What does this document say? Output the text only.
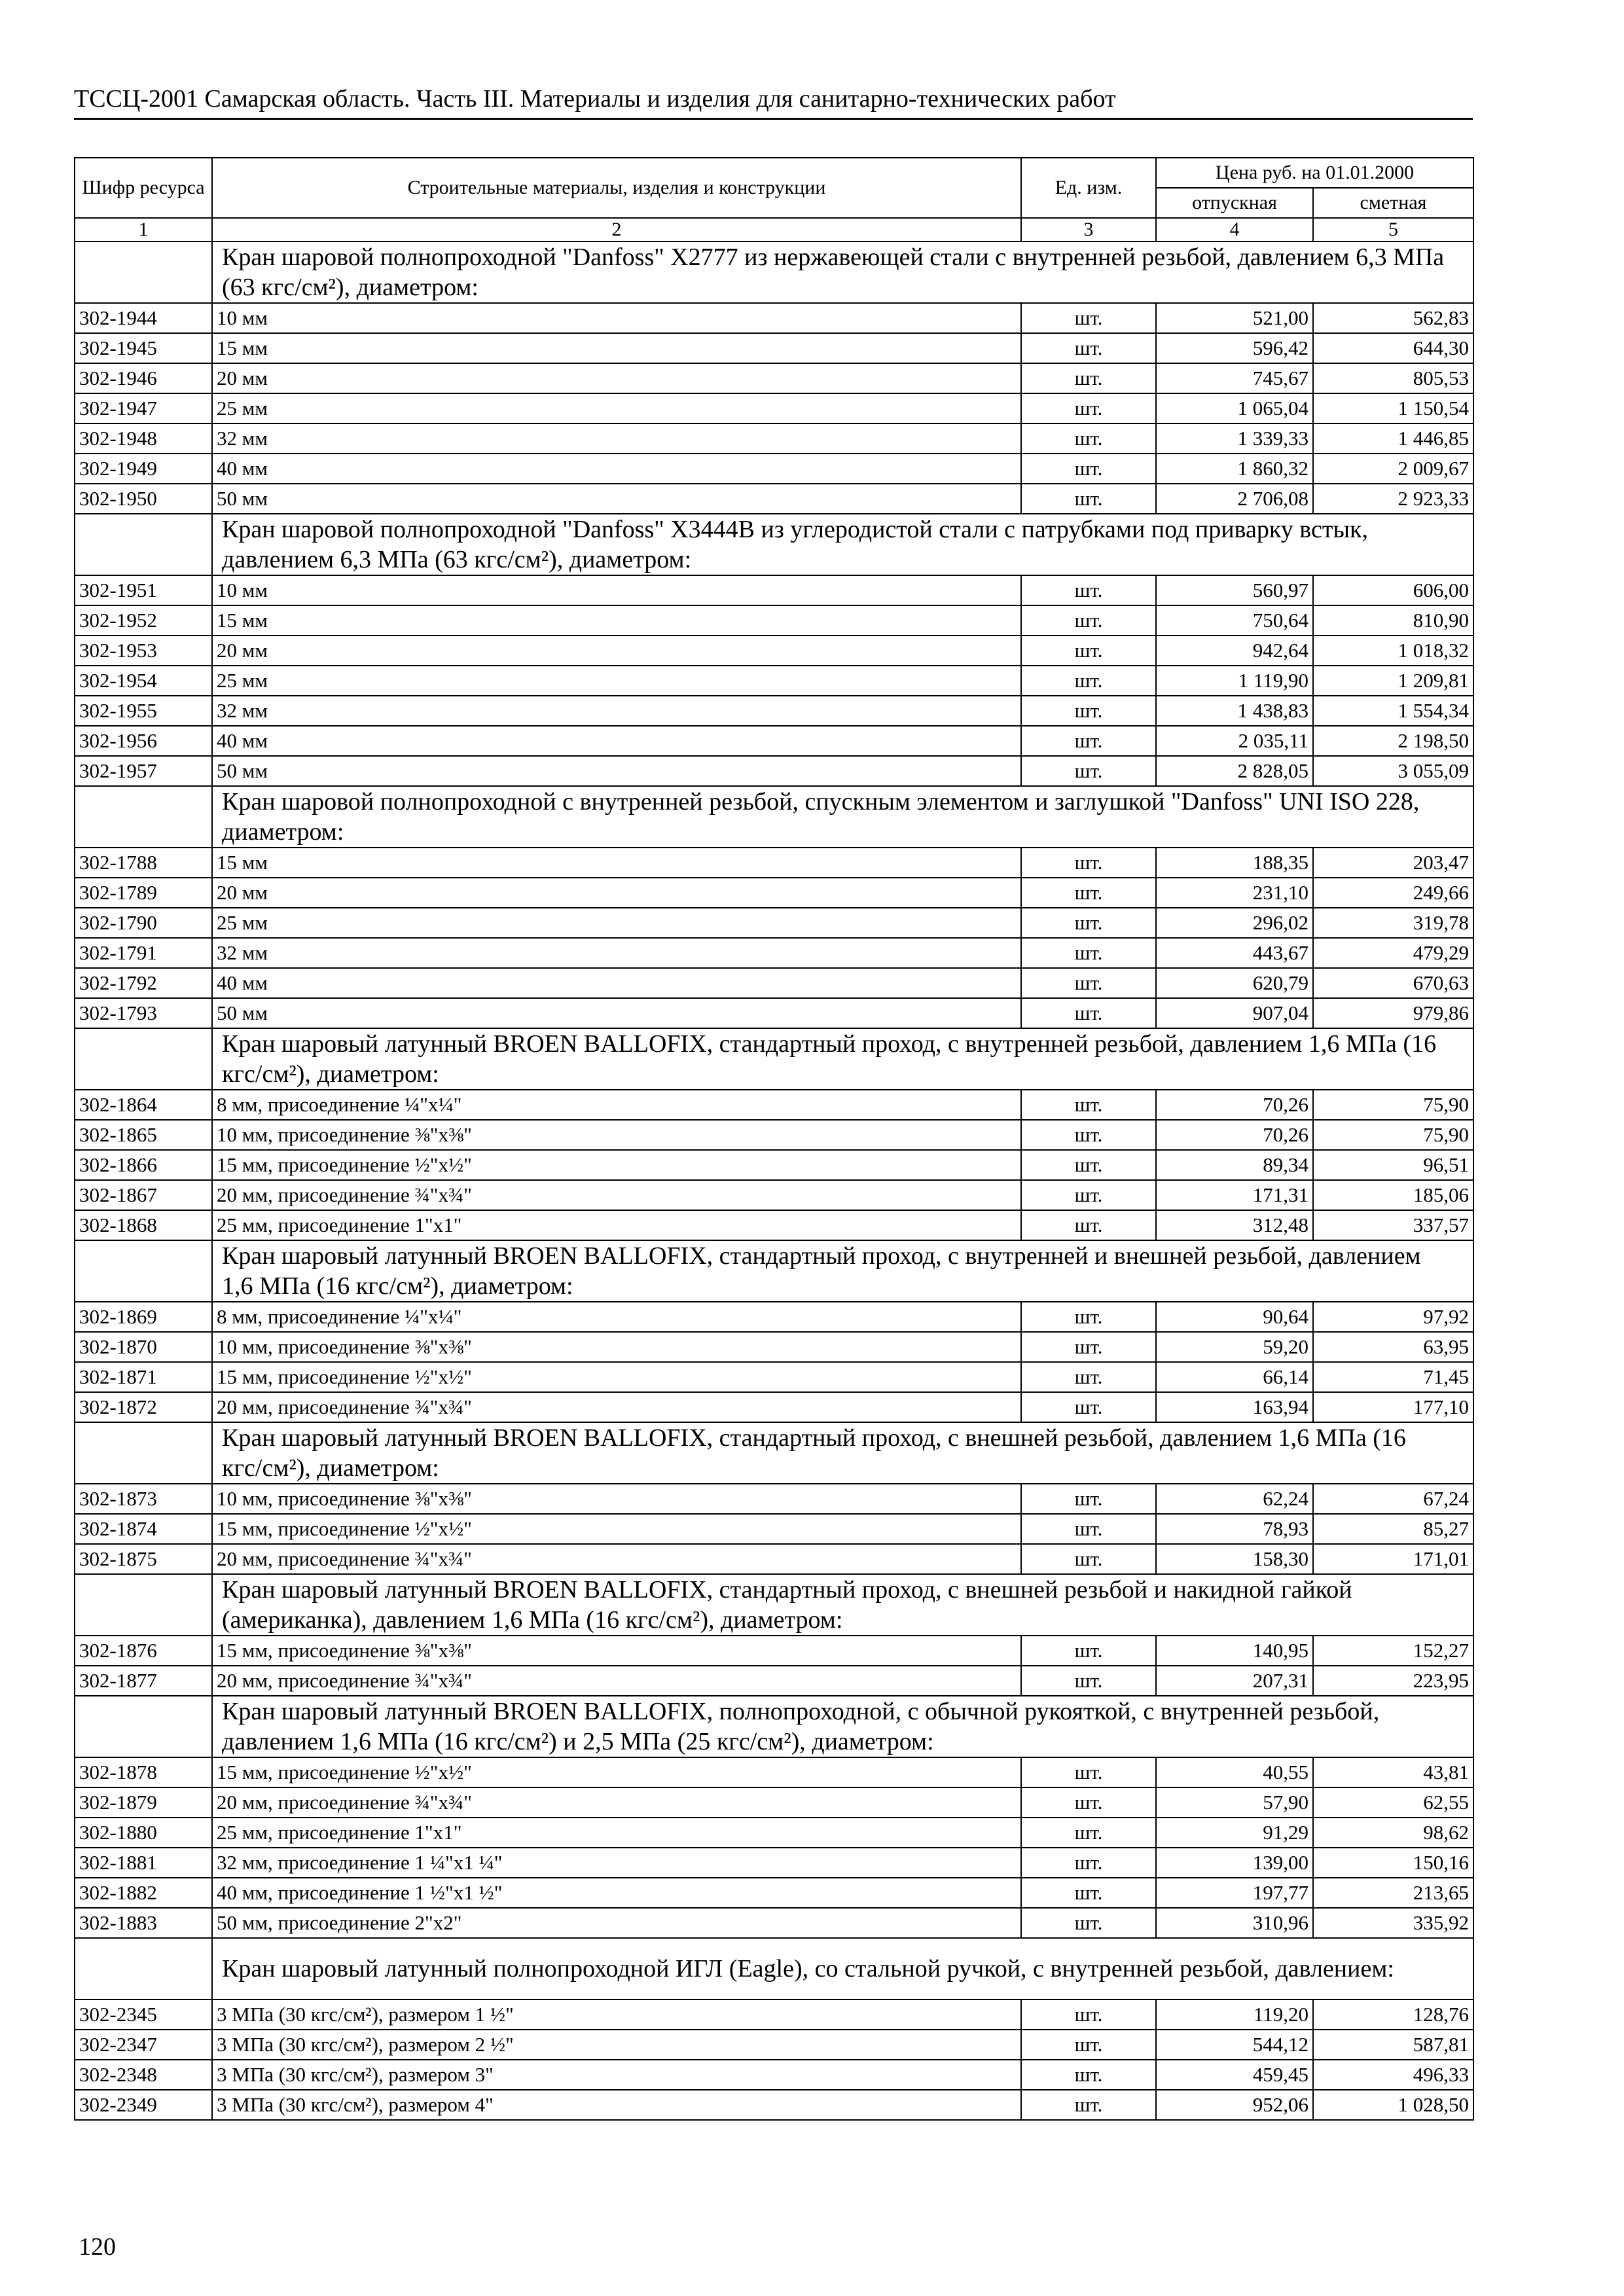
ТССЦ-2001 Самарская область. Часть III. Материалы и изделия для санитарно-технических работ
Шифр ресурса	Строительные материалы, изделия и конструкции	Ед. изм.	Цена руб. на 01.01.2000	
			отпускная	сметная
1	2	3	4	5
	Кран шаровой полнопроходной "Danfoss" X2777 из нержавеющей стали с внутренней резьбой, давлением 6,3 МПа (63 кгс/см²), диаметром:			
302-1944	10 мм	шт.	521,00	562,83
302-1945	15 мм	шт.	596,42	644,30
302-1946	20 мм	шт.	745,67	805,53
302-1947	25 мм	шт.	1 065,04	1 150,54
302-1948	32 мм	шт.	1 339,33	1 446,85
302-1949	40 мм	шт.	1 860,32	2 009,67
302-1950	50 мм	шт.	2 706,08	2 923,33
	Кран шаровой полнопроходной "Danfoss" X3444B из углеродистой стали с патрубками под приварку встык, давлением 6,3 МПа (63 кгс/см²), диаметром:			
302-1951	10 мм	шт.	560,97	606,00
302-1952	15 мм	шт.	750,64	810,90
302-1953	20 мм	шт.	942,64	1 018,32
302-1954	25 мм	шт.	1 119,90	1 209,81
302-1955	32 мм	шт.	1 438,83	1 554,34
302-1956	40 мм	шт.	2 035,11	2 198,50
302-1957	50 мм	шт.	2 828,05	3 055,09
	Кран шаровой полнопроходной с внутренней резьбой, спускным элементом и заглушкой "Danfoss" UNI ISO 228, диаметром:			
302-1788	15 мм	шт.	188,35	203,47
302-1789	20 мм	шт.	231,10	249,66
302-1790	25 мм	шт.	296,02	319,78
302-1791	32 мм	шт.	443,67	479,29
302-1792	40 мм	шт.	620,79	670,63
302-1793	50 мм	шт.	907,04	979,86
	Кран шаровый латунный BROEN BALLOFIX, стандартный проход, с внутренней резьбой, давлением 1,6 МПа (16 кгс/см²), диаметром:			
302-1864	8 мм, присоединение ¼"х¼"	шт.	70,26	75,90
302-1865	10 мм, присоединение ⅜"х⅜"	шт.	70,26	75,90
302-1866	15 мм, присоединение ½"х½"	шт.	89,34	96,51
302-1867	20 мм, присоединение ¾"х¾"	шт.	171,31	185,06
302-1868	25 мм, присоединение 1"х1"	шт.	312,48	337,57
	Кран шаровый латунный BROEN BALLOFIX, стандартный проход, с внутренней и внешней резьбой, давлением 1,6 МПа (16 кгс/см²), диаметром:			
302-1869	8 мм, присоединение ¼"х¼"	шт.	90,64	97,92
302-1870	10 мм, присоединение ⅜"х⅜"	шт.	59,20	63,95
302-1871	15 мм, присоединение ½"х½"	шт.	66,14	71,45
302-1872	20 мм, присоединение ¾"х¾"	шт.	163,94	177,10
	Кран шаровый латунный BROEN BALLOFIX, стандартный проход, с внешней резьбой, давлением 1,6 МПа (16 кгс/см²), диаметром:			
302-1873	10 мм, присоединение ⅜"х⅜"	шт.	62,24	67,24
302-1874	15 мм, присоединение ½"х½"	шт.	78,93	85,27
302-1875	20 мм, присоединение ¾"х¾"	шт.	158,30	171,01
	Кран шаровый латунный BROEN BALLOFIX, стандартный проход, с внешней резьбой и накидной гайкой (американка), давлением 1,6 МПа (16 кгс/см²), диаметром:			
302-1876	15 мм, присоединение ⅜"х⅜"	шт.	140,95	152,27
302-1877	20 мм, присоединение ¾"х¾"	шт.	207,31	223,95
	Кран шаровый латунный BROEN BALLOFIX, полнопроходной, с обычной рукояткой, с внутренней резьбой, давлением 1,6 МПа (16 кгс/см²) и 2,5 МПа (25 кгс/см²), диаметром:			
302-1878	15 мм, присоединение ½"х½"	шт.	40,55	43,81
302-1879	20 мм, присоединение ¾"х¾"	шт.	57,90	62,55
302-1880	25 мм, присоединение 1"х1"	шт.	91,29	98,62
302-1881	32 мм, присоединение 1 ¼"х1 ¼"	шт.	139,00	150,16
302-1882	40 мм, присоединение 1 ½"х1 ½"	шт.	197,77	213,65
302-1883	50 мм, присоединение 2"х2"	шт.	310,96	335,92
	Кран шаровый латунный полнопроходной ИГЛ (Eagle), со стальной ручкой, с внутренней резьбой, давлением:			
302-2345	3 МПа (30 кгс/см²), размером 1 ½"	шт.	119,20	128,76
302-2347	3 МПа (30 кгс/см²), размером 2 ½"	шт.	544,12	587,81
302-2348	3 МПа (30 кгс/см²), размером 3"	шт.	459,45	496,33
302-2349	3 МПа (30 кгс/см²), размером 4"	шт.	952,06	1 028,50
120
